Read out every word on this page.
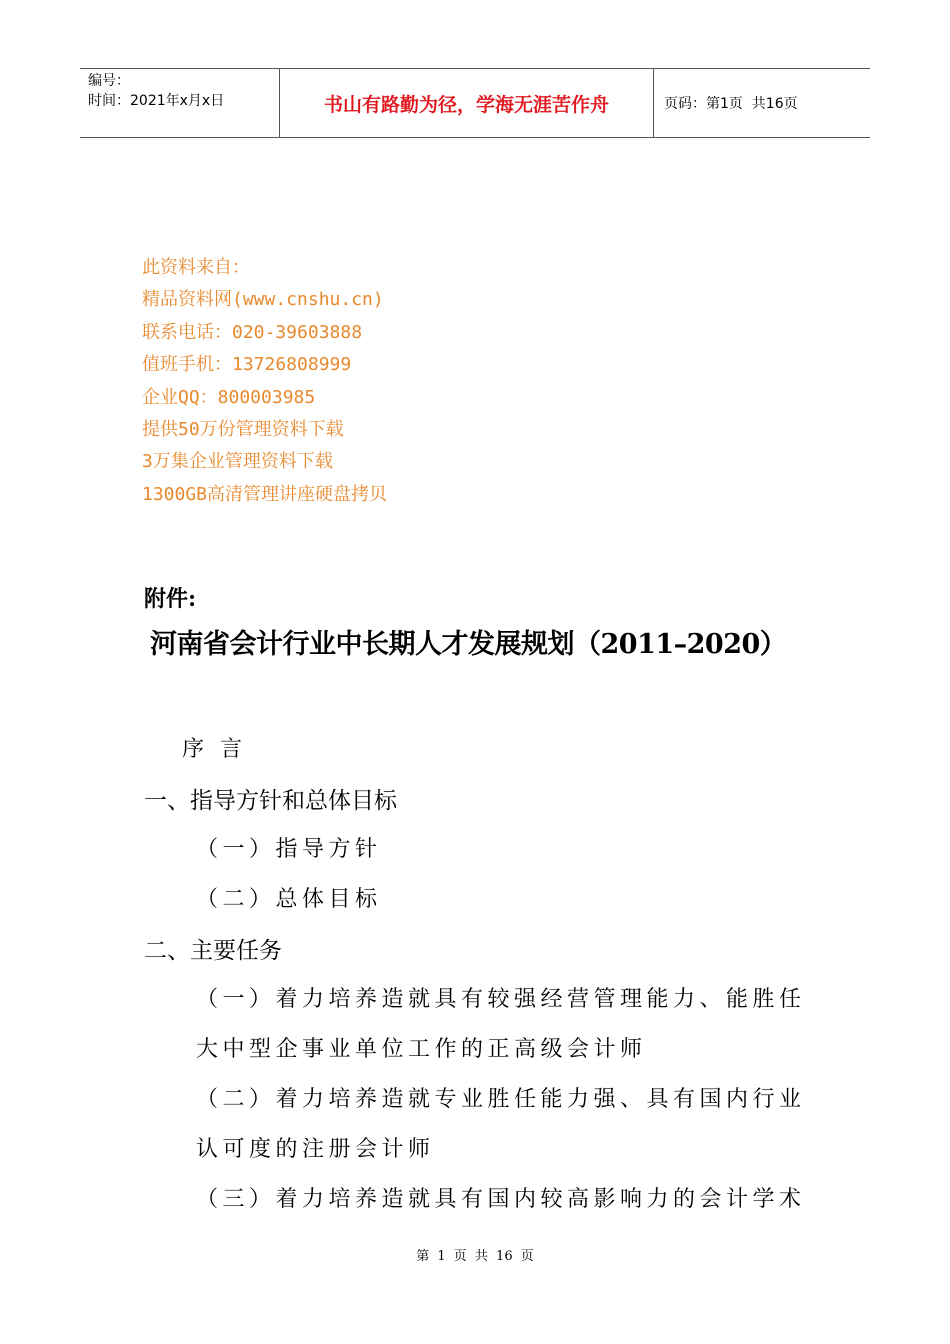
编号：
时间：2021年x月x日	书山有路勤为径，学海无涯苦作舟	页码：第1页  共16页
此资料来自：
精品资料网(www.cnshu.cn)
联系电话：020-39603888
值班手机：13726808999
企业QQ：800003985
提供50万份管理资料下载
3万集企业管理资料下载
1300GB高清管理讲座硬盘拷贝
附件:
河南省会计行业中长期人才发展规划（2011–2020）
序 言
一、指导方针和总体目标
（一）指导方针
（二）总体目标
二、主要任务
（一）着力培养造就具有较强经营管理能力、能胜任
大中型企事业单位工作的正高级会计师
（二）着力培养造就专业胜任能力强、具有国内行业
认可度的注册会计师
（三）着力培养造就具有国内较高影响力的会计学术
第 1 页 共 16 页
